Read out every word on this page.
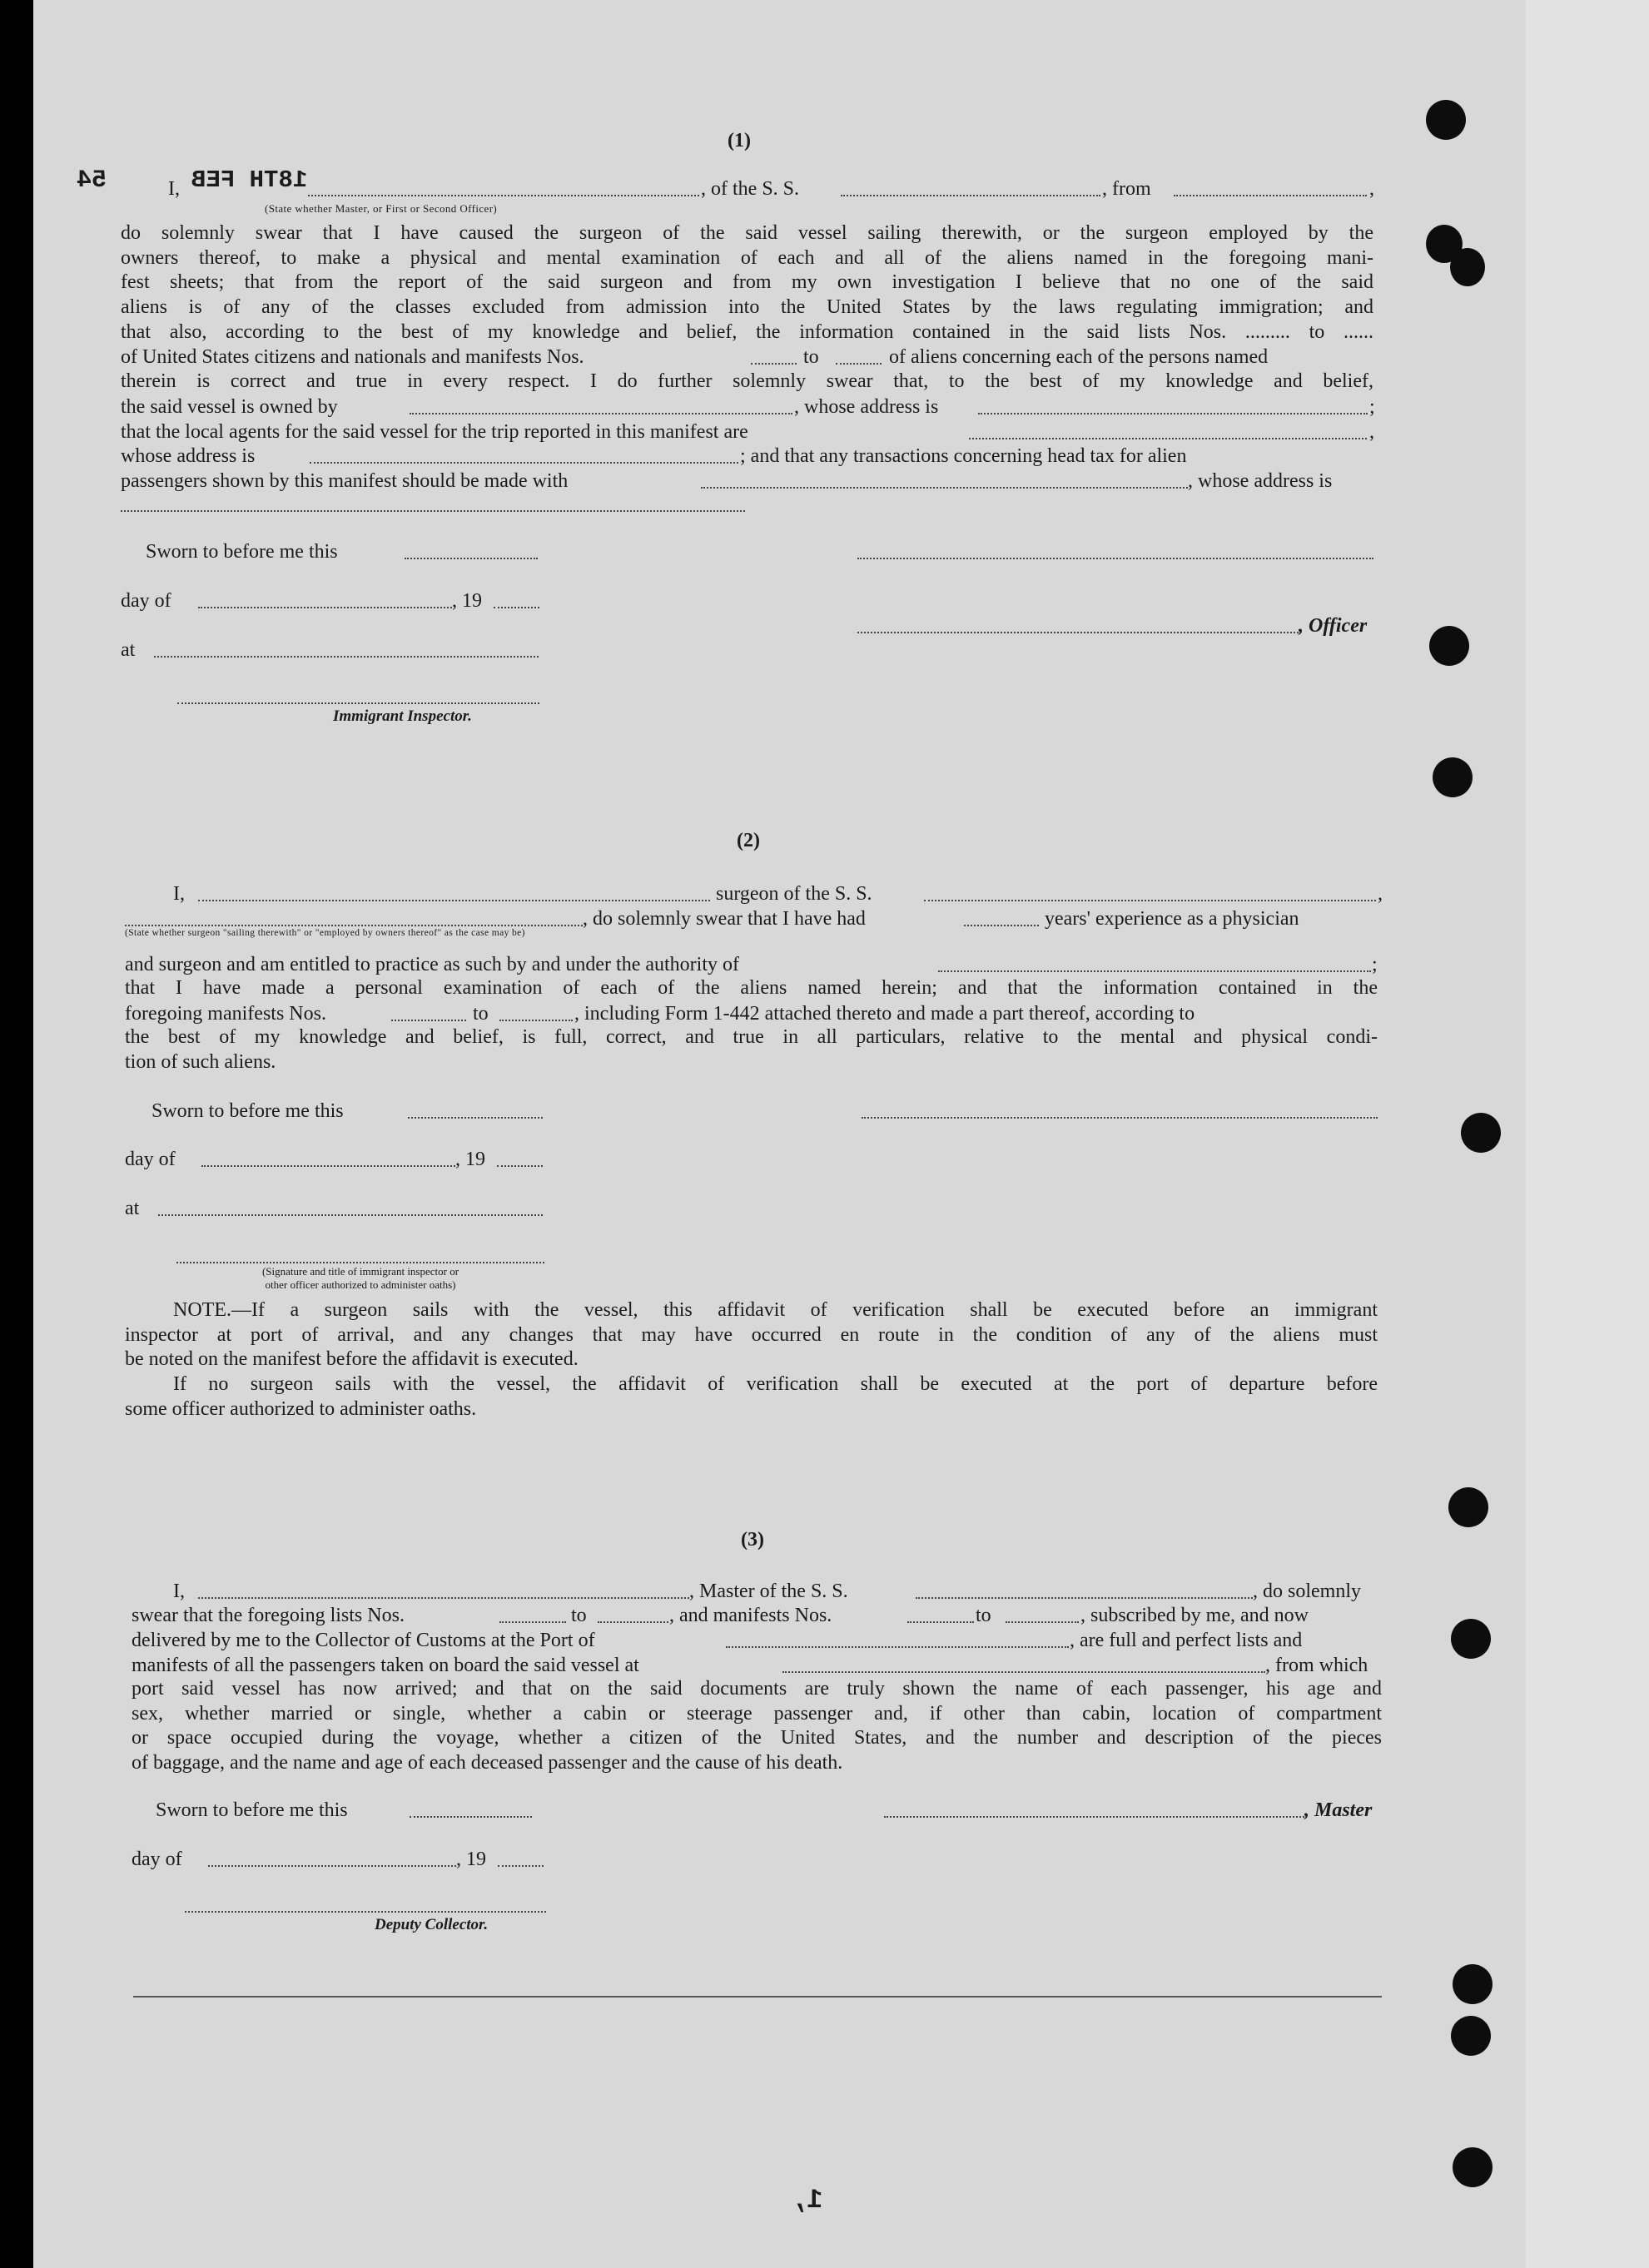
(1)
54	I, 18TH FEB	, of the S. S.	, from	,
(State whether Master, or First or Second Officer)
do solemnly swear that I have caused the surgeon of the said vessel sailing therewith, or the surgeon employed by the
owners thereof, to make a physical and mental examination of each and all of the aliens named in the foregoing mani-
fest sheets; that from the report of the said surgeon and from my own investigation I believe that no one of the said
aliens is of any of the classes excluded from admission into the United States by the laws regulating immigration; and
that also, according to the best of my knowledge and belief, the information contained in the said lists Nos. ......... to ......
of United States citizens and nationals and manifests Nos.	to	of aliens concerning each of the persons named
therein is correct and true in every respect. I do further solemnly swear that, to the best of my knowledge and belief,
the said vessel is owned by	, whose address is	;
that the local agents for the said vessel for the trip reported in this manifest are	,
whose address is	; and that any transactions concerning head tax for alien
passengers shown by this manifest should be made with	, whose address is
Sworn to before me this
day of	, 19
, Officer
at
Immigrant Inspector.
(2)
I,	surgeon of the S. S.	,
, do solemnly swear that I have had	years' experience as a physician
(State whether surgeon "sailing therewith" or "employed by owners thereof" as the case may be)
and surgeon and am entitled to practice as such by and under the authority of	;
that I have made a personal examination of each of the aliens named herein; and that the information contained in the
foregoing manifests Nos.	to	, including Form 1-442 attached thereto and made a part thereof, according to
the best of my knowledge and belief, is full, correct, and true in all particulars, relative to the mental and physical condi-
tion of such aliens.
Sworn to before me this
day of	, 19
at
(Signature and title of immigrant inspector or
other officer authorized to administer oaths)
NOTE.—If a surgeon sails with the vessel, this affidavit of verification shall be executed before an immigrant
inspector at port of arrival, and any changes that may have occurred en route in the condition of any of the aliens must
be noted on the manifest before the affidavit is executed.
If no surgeon sails with the vessel, the affidavit of verification shall be executed at the port of departure before
some officer authorized to administer oaths.
(3)
I,	, Master of the S. S.	, do solemnly
swear that the foregoing lists Nos.	to	, and manifests Nos.	to	, subscribed by me, and now
delivered by me to the Collector of Customs at the Port of	, are full and perfect lists and
manifests of all the passengers taken on board the said vessel at	, from which
port said vessel has now arrived; and that on the said documents are truly shown the name of each passenger, his age and
sex, whether married or single, whether a cabin or steerage passenger and, if other than cabin, location of compartment
or space occupied during the voyage, whether a citizen of the United States, and the number and description of the pieces
of baggage, and the name and age of each deceased passenger and the cause of his death.
Sworn to before me this	, Master
day of	, 19
Deputy Collector.
1,
